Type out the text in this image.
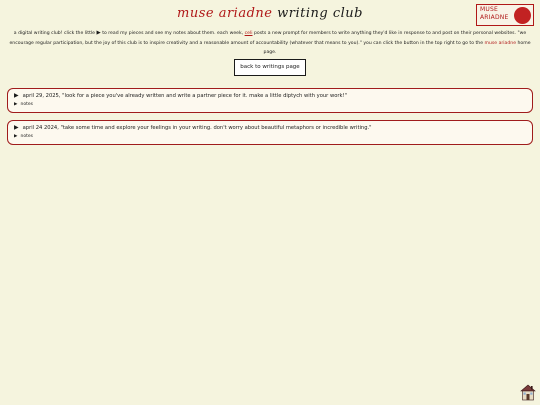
muse ariadne writing club	MUSE ARIADNE
a digital writing club! click the little ▶ to read my pieces and see my notes about them. each week, celi posts a new prompt for members to write anything they'd like in response to and post on their personal websites. "we encourage regular participation, but the joy of this club is to inspire creativity and a reasonable amount of accountability (whatever that means to you)." you can click the button in the top right to go to the muse ariadne home page.
back to writings page
▶ april 29, 2025, "look for a piece you've already written and write a partner piece for it. make a little diptych with your work!"
▶ notes
▶ april 24 2024, "take some time and explore your feelings in your writing. don't worry about beautiful metaphors or incredible writing."
▶ notes
